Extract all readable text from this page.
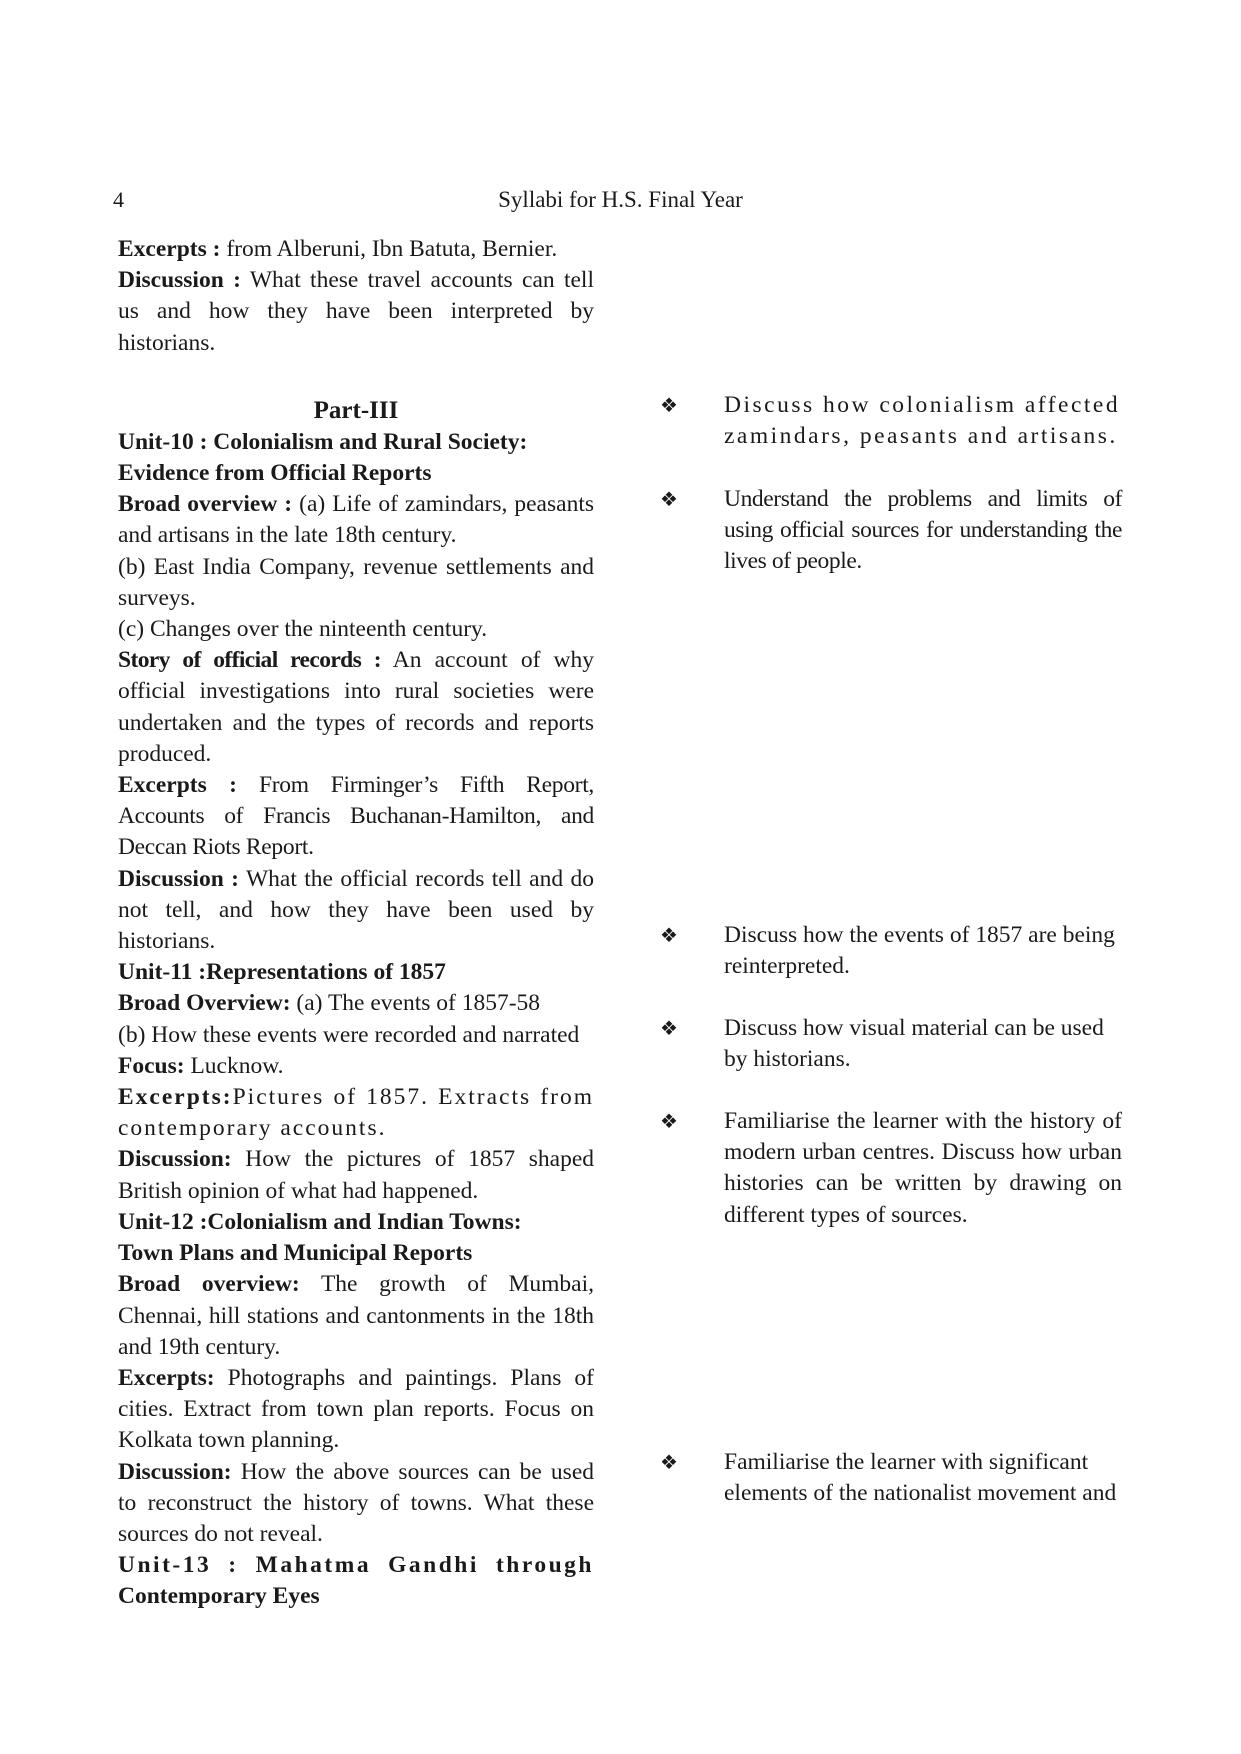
4	Syllabi for H.S. Final Year

Excerpts : from Alberuni, Ibn Batuta, Bernier.

Discussion : What these travel accounts can tell us and how they have been interpreted by historians.

Part-III

Unit-10 : Colonialism and Rural Society:

Evidence from Official Reports

Broad overview : (a) Life of zamindars, peasants and artisans in the late 18th century.

(b) East India Company, revenue settlements and surveys.

(c) Changes over the ninteenth century.

Story of official records : An account of why official investigations into rural societies were undertaken and the types of records and reports produced.

Excerpts : From Firminger’s Fifth Report, Accounts of Francis Buchanan-Hamilton, and Deccan Riots Report.

Discussion : What the official records tell and do not tell, and how they have been used by historians.

Unit-11 :Representations of 1857

Broad Overview: (a) The events of 1857-58

(b) How these events were recorded and narrated

Focus: Lucknow.

Excerpts:Pictures of 1857. Extracts from contemporary accounts.

Discussion: How the pictures of 1857 shaped British opinion of what had happened.

Unit-12 :Colonialism and Indian Towns:

Town Plans and Municipal Reports

Broad overview: The growth of Mumbai, Chennai, hill stations and cantonments in the 18th and 19th century.

Excerpts: Photographs and paintings. Plans of cities. Extract from town plan reports. Focus on Kolkata town planning.

Discussion: How the above sources can be used to reconstruct the history of towns. What these sources do not reveal.

Unit-13 : Mahatma Gandhi through

Contemporary Eyes

❖ Discuss how colonialism affected zamindars, peasants and artisans.
❖ Understand the problems and limits of using official sources for understanding the lives of people.
❖ Discuss how the events of 1857 are being reinterpreted.
❖ Discuss how visual material can be used by historians.
❖ Familiarise the learner with the history of modern urban centres. Discuss how urban histories can be written by drawing on different types of sources.
❖ Familiarise the learner with significant elements of the nationalist movement and
